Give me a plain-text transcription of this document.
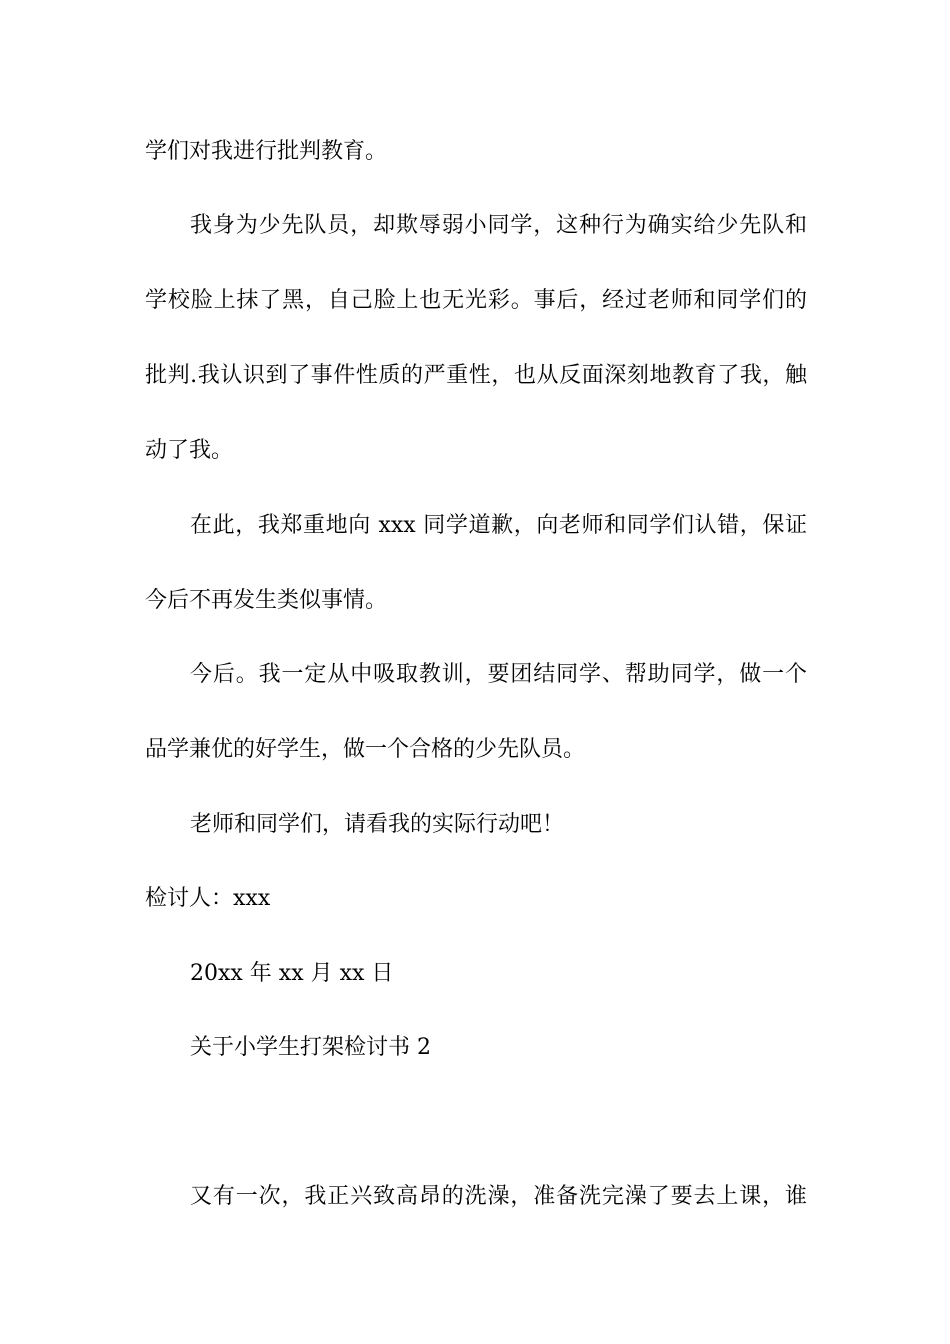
学们对我进行批判教育。
我身为少先队员，却欺辱弱小同学，这种行为确实给少先队和
学校脸上抹了黑，自己脸上也无光彩。事后，经过老师和同学们的
批判.我认识到了事件性质的严重性，也从反面深刻地教育了我，触
动了我。
在此，我郑重地向 xxx 同学道歉，向老师和同学们认错，保证
今后不再发生类似事情。
今后。我一定从中吸取教训，要团结同学、帮助同学，做一个
品学兼优的好学生，做一个合格的少先队员。
老师和同学们，请看我的实际行动吧！
检讨人：xxx
20xx 年 xx 月 xx 日
关于小学生打架检讨书 2
又有一次，我正兴致高昂的洗澡，准备洗完澡了要去上课，谁
